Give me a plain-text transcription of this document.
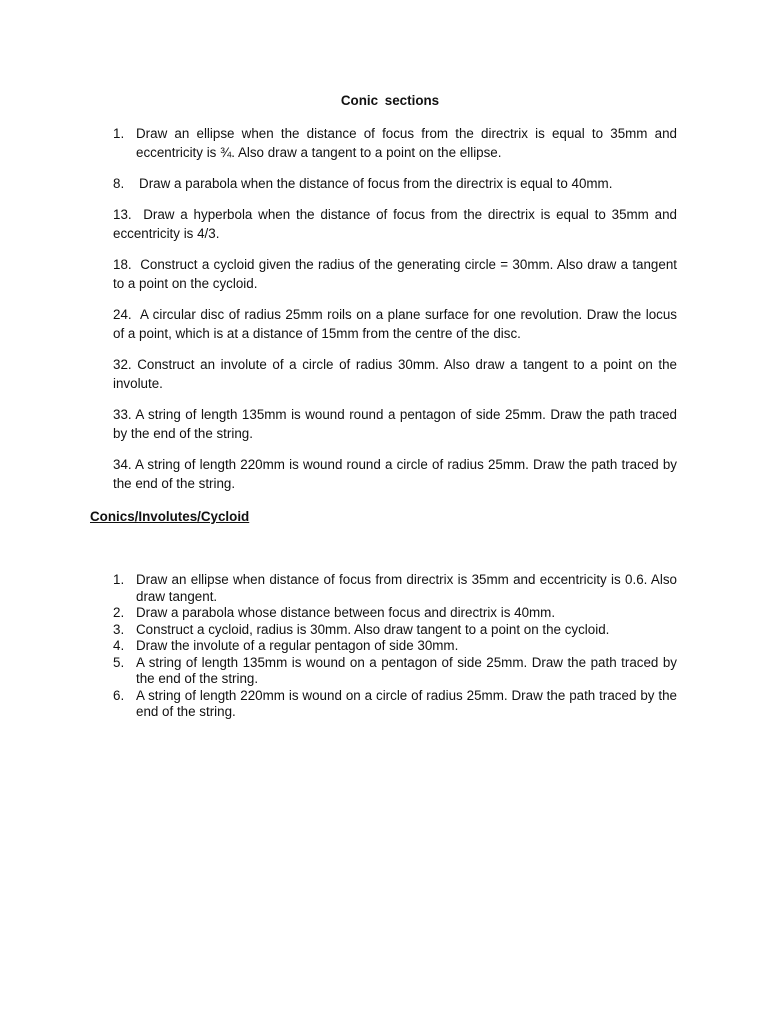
Conic sections
1. Draw an ellipse when the distance of focus from the directrix is equal to 35mm and eccentricity is ¾. Also draw a tangent to a point on the ellipse.
8.    Draw a parabola when the distance of focus from the directrix is equal to 40mm.
13.  Draw a hyperbola when the distance of focus from the directrix is equal to 35mm and eccentricity is 4/3.
18.  Construct a cycloid given the radius of the generating circle = 30mm. Also draw a tangent to a point on the cycloid.
24.  A circular disc of radius 25mm roils on a plane surface for one revolution. Draw the locus of a point, which is at a distance of 15mm from the centre of the disc.
32. Construct an involute of a circle of radius 30mm. Also draw a tangent to a point on the involute.
33. A string of length 135mm is wound round a pentagon of side 25mm. Draw the path traced by the end of the string.
34. A string of length 220mm is wound round a circle of radius 25mm. Draw the path traced by the end of the string.
Conics/Involutes/Cycloid
1. Draw an ellipse when distance of focus from directrix is 35mm and eccentricity is 0.6. Also draw tangent.
2. Draw a parabola whose distance between focus and directrix is 40mm.
3. Construct a cycloid, radius is 30mm. Also draw tangent to a point on the cycloid.
4. Draw the involute of a regular pentagon of side 30mm.
5. A string of length 135mm is wound on a pentagon of side 25mm. Draw the path traced by the end of the string.
6. A string of length 220mm is wound on a circle of radius 25mm. Draw the path traced by the end of the string.
